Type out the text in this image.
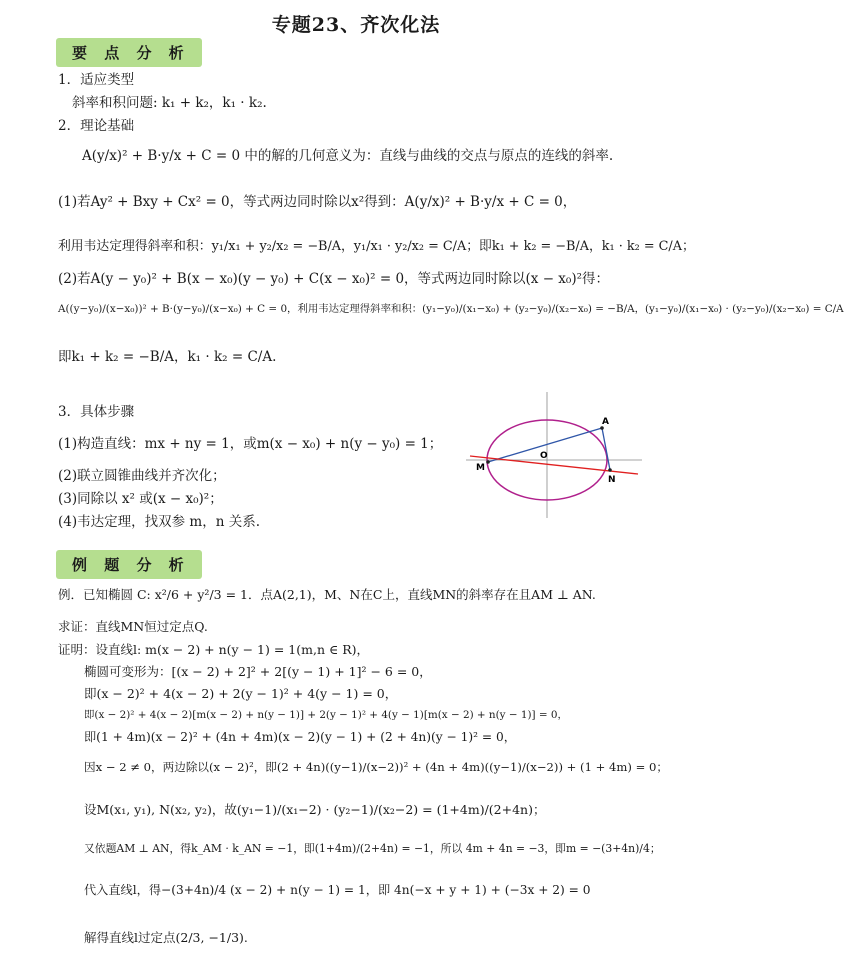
专题23、齐次化法
要 点 分 析
1．适应类型
斜率和积问题: k₁ + k₂，k₁ · k₂.
2．理论基础
A(y/x)² + B·y/x + C = 0 中的解的几何意义为：直线与曲线的交点与原点的连线的斜率.
(1)若Ay² + Bxy + Cx² = 0，等式两边同时除以x²得到：A(y/x)² + B·y/x + C = 0，
利用韦达定理得斜率和积：y₁/x₁ + y₂/x₂ = −B/A，y₁/x₁ · y₂/x₂ = C/A；即k₁ + k₂ = −B/A，k₁ · k₂ = C/A；
(2)若A(y − y₀)² + B(x − x₀)(y − y₀) + C(x − x₀)² = 0，等式两边同时除以(x − x₀)²得：
A((y−y₀)/(x−x₀))² + B·(y−y₀)/(x−x₀) + C = 0，利用韦达定理得斜率和积：(y₁−y₀)/(x₁−x₀) + (y₂−y₀)/(x₂−x₀) = −B/A，(y₁−y₀)/(x₁−x₀) · (y₂−y₀)/(x₂−x₀) = C/A
即k₁ + k₂ = −B/A，k₁ · k₂ = C/A.
3．具体步骤
(1)构造直线：mx + ny = 1，或m(x − x₀) + n(y − y₀) = 1；
(2)联立圆锥曲线并齐次化；
(3)同除以 x² 或(x − x₀)²；
(4)韦达定理，找双参 m，n 关系.
A
M
N
O
例 题 分 析
例．已知椭圆 C: x²/6 + y²/3 = 1．点A(2,1)，M、N在C上，直线MN的斜率存在且AM ⊥ AN.
求证：直线MN恒过定点Q.
证明：设直线l: m(x − 2) + n(y − 1) = 1(m,n ∈ R)，
椭圆可变形为：[(x − 2) + 2]² + 2[(y − 1) + 1]² − 6 = 0，
即(x − 2)² + 4(x − 2) + 2(y − 1)² + 4(y − 1) = 0，
即(x − 2)² + 4(x − 2)[m(x − 2) + n(y − 1)] + 2(y − 1)² + 4(y − 1)[m(x − 2) + n(y − 1)] = 0，
即(1 + 4m)(x − 2)² + (4n + 4m)(x − 2)(y − 1) + (2 + 4n)(y − 1)² = 0，
因x − 2 ≠ 0，两边除以(x − 2)²，即(2 + 4n)((y−1)/(x−2))² + (4n + 4m)((y−1)/(x−2)) + (1 + 4m) = 0；
设M(x₁, y₁), N(x₂, y₂)，故(y₁−1)/(x₁−2) · (y₂−1)/(x₂−2) = (1+4m)/(2+4n)；
又依题AM ⊥ AN，得k_AM · k_AN = −1，即(1+4m)/(2+4n) = −1，所以 4m + 4n = −3，即m = −(3+4n)/4；
代入直线l，得−(3+4n)/4 (x − 2) + n(y − 1) = 1，即 4n(−x + y + 1) + (−3x + 2) = 0
解得直线l过定点(2/3, −1/3).
